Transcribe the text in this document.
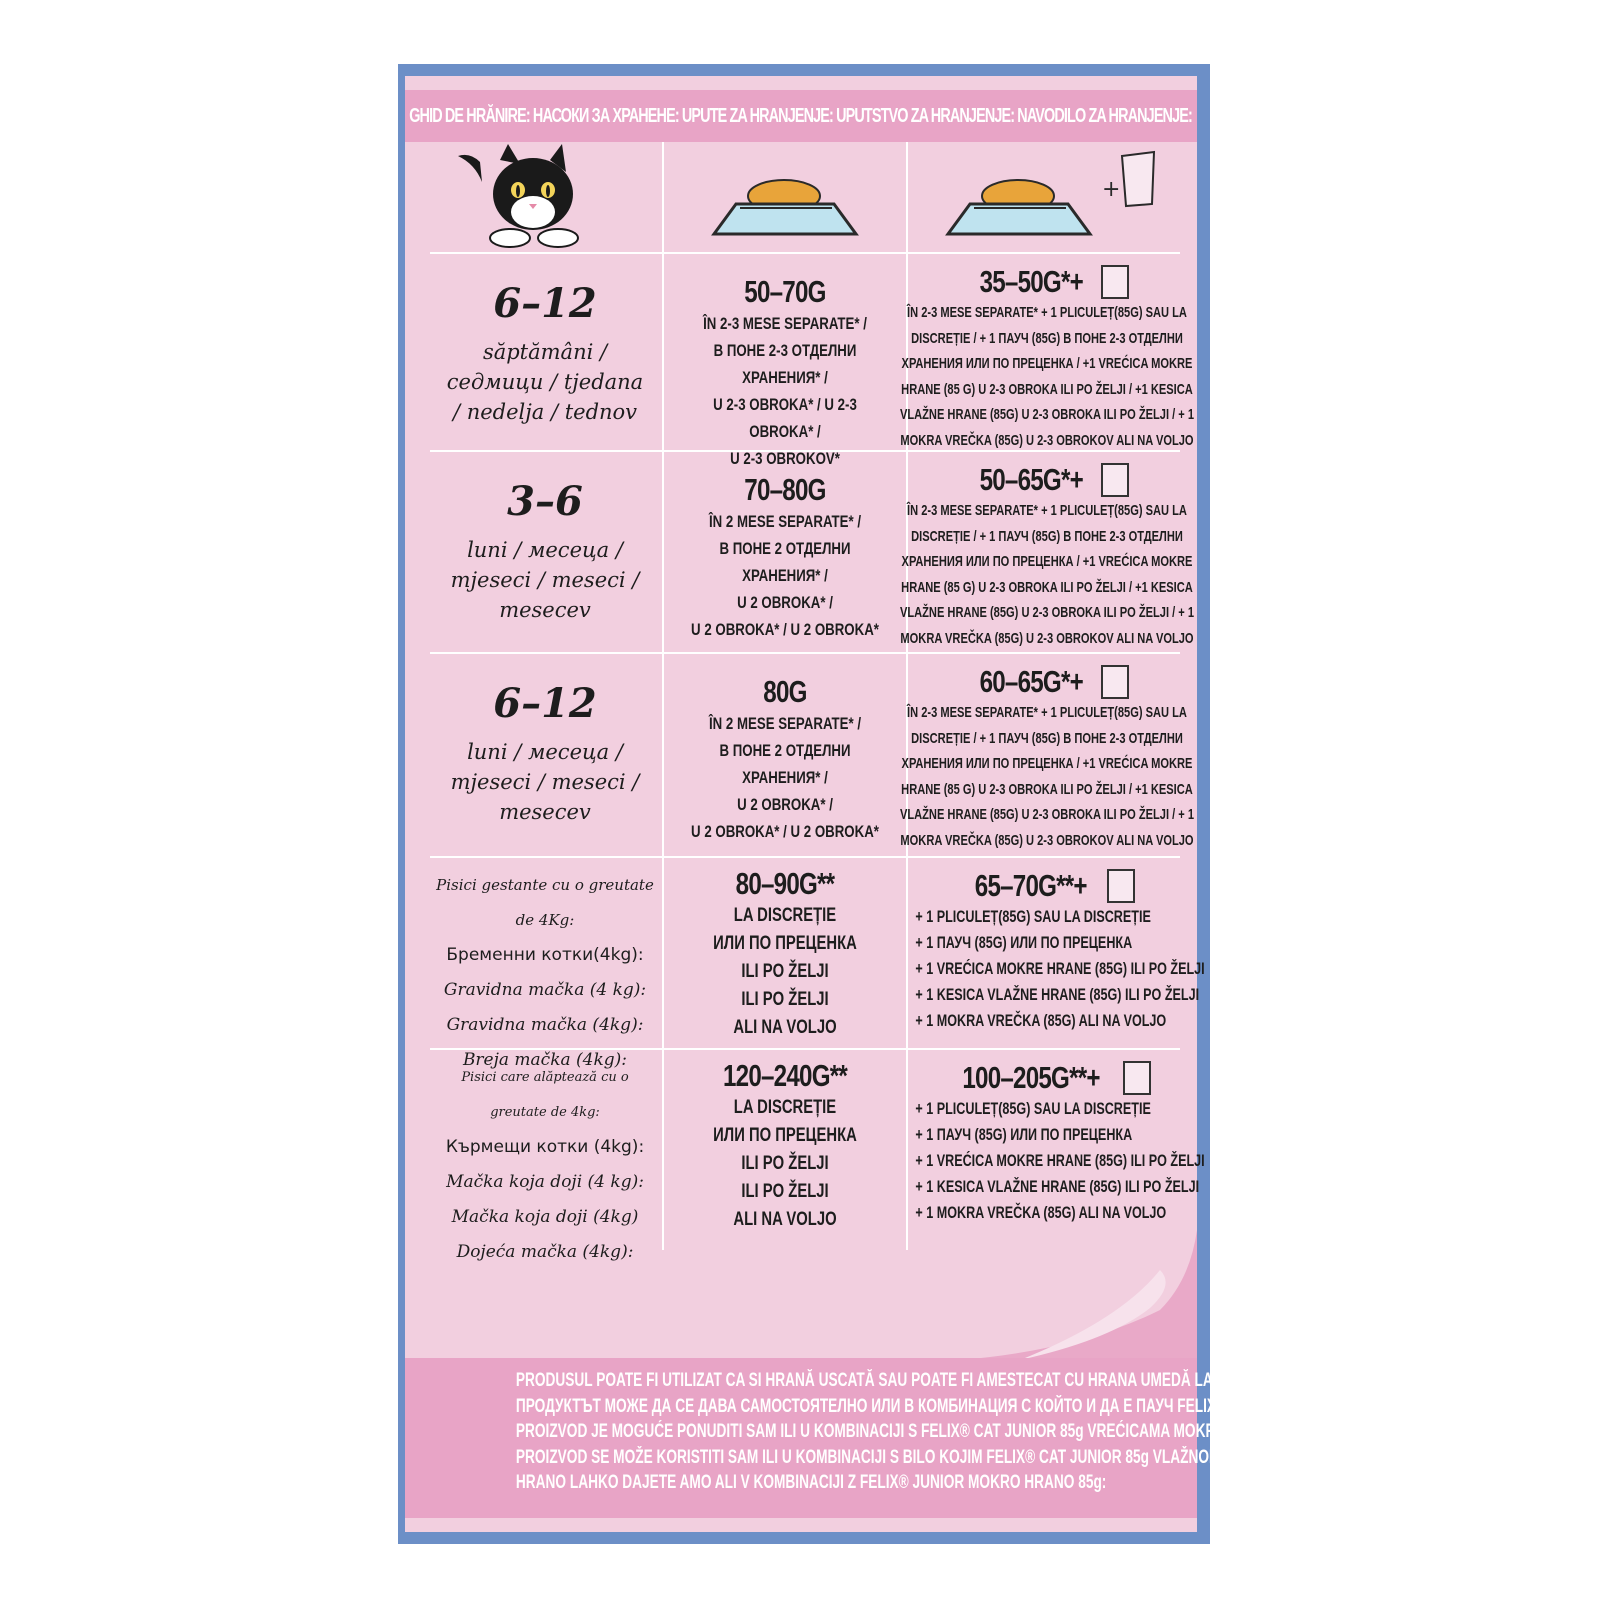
GHID DE HRĂNIRE: НАСОКИ ЗА ХРАНЕНЕ: UPUTE ZA HRANJENJE: UPUTSTVO ZA HRANJENJE: NAVODILO ZA HRANJENJE:
+
6–12
săptămâni / седмици / tjedana / nedelja / tednov
50–70G
ÎN 2-3 MESE SEPARATE* /
В ПОНЕ 2-3 ОТДЕЛНИ ХРАНЕНИЯ* /
U 2-3 OBROKA* / U 2-3 OBROKA* /
U 2-3 OBROKOV*
35–50G*+
ÎN 2-3 MESE SEPARATE* + 1 PLICULEȚ(85G) SAU LA
DISCREȚIE / + 1 ПАУЧ (85G) В ПОНЕ 2-3 ОТДЕЛНИ
ХРАНЕНИЯ ИЛИ ПО ПРЕЦЕНКА / +1 VREĆICA MOKRE
HRANE (85 G) U 2-3 OBROKA ILI PO ŽELJI / +1 KESICA
VLAŽNE HRANE (85G) U 2-3 OBROKA ILI PO ŽELJI / + 1
MOKRA VREČKA (85G) U 2-3 OBROKOV ALI NA VOLJO
3–6
luni / месеца / mjeseci / meseci / mesecev
70–80G
ÎN 2 MESE SEPARATE* /
В ПОНЕ 2 ОТДЕЛНИ ХРАНЕНИЯ* /
U 2 OBROKA* /
U 2 OBROKA* / U 2 OBROKA*
50–65G*+
ÎN 2-3 MESE SEPARATE* + 1 PLICULEȚ(85G) SAU LA
DISCREȚIE / + 1 ПАУЧ (85G) В ПОНЕ 2-3 ОТДЕЛНИ
ХРАНЕНИЯ ИЛИ ПО ПРЕЦЕНКА / +1 VREĆICA MOKRE
HRANE (85 G) U 2-3 OBROKA ILI PO ŽELJI / +1 KESICA
VLAŽNE HRANE (85G) U 2-3 OBROKA ILI PO ŽELJI / + 1
MOKRA VREČKA (85G) U 2-3 OBROKOV ALI NA VOLJO
6–12
luni / месеца / mjeseci / meseci / mesecev
80G
ÎN 2 MESE SEPARATE* /
В ПОНЕ 2 ОТДЕЛНИ ХРАНЕНИЯ* /
U 2 OBROKA* /
U 2 OBROKA* / U 2 OBROKA*
60–65G*+
ÎN 2-3 MESE SEPARATE* + 1 PLICULEȚ(85G) SAU LA
DISCREȚIE / + 1 ПАУЧ (85G) В ПОНЕ 2-3 ОТДЕЛНИ
ХРАНЕНИЯ ИЛИ ПО ПРЕЦЕНКА / +1 VREĆICA MOKRE
HRANE (85 G) U 2-3 OBROKA ILI PO ŽELJI / +1 KESICA
VLAŽNE HRANE (85G) U 2-3 OBROKA ILI PO ŽELJI / + 1
MOKRA VREČKA (85G) U 2-3 OBROKOV ALI NA VOLJO
Pisici gestante cu o greutate de 4Kg:
Бременни котки(4kg):
Gravidna mačka (4 kg):
Gravidna mačka (4kg):
Breja mačka (4kg):
80–90G**
LA DISCREȚIE
ИЛИ ПО ПРЕЦЕНКА
ILI PO ŽELJI
ILI PO ŽELJI
ALI NA VOLJO
65–70G**+
+ 1 PLICULEȚ(85G) SAU LA DISCREȚIE
+ 1 ПАУЧ (85G) ИЛИ ПО ПРЕЦЕНКА
+ 1 VREĆICA MOKRE HRANE (85G) ILI PO ŽELJI
+ 1 KESICA VLAŽNE HRANE (85G) ILI PO ŽELJI
+ 1 MOKRA VREČKA (85G) ALI NA VOLJO
Pisici care alăptează cu o greutate de 4kg:
Кърмещи котки (4kg):
Mačka koja doji (4 kg):
Mačka koja doji (4kg)
Dojeća mačka (4kg):
120–240G**
LA DISCREȚIE
ИЛИ ПО ПРЕЦЕНКА
ILI PO ŽELJI
ILI PO ŽELJI
ALI NA VOLJO
100–205G**+
+ 1 PLICULEȚ(85G) SAU LA DISCREȚIE
+ 1 ПАУЧ (85G) ИЛИ ПО ПРЕЦЕНКА
+ 1 VREĆICA MOKRE HRANE (85G) ILI PO ŽELJI
+ 1 KESICA VLAŽNE HRANE (85G) ILI PO ŽELJI
+ 1 MOKRA VREČKA (85G) ALI NA VOLJO
PRODUSUL POATE FI UTILIZAT CA SI HRANĂ USCATĂ SAU POATE FI AMESTECAT CU HRANA UMEDĂ LA PLIC FELIX® JUNIOR 85G:
ПРОДУКТЪТ МОЖЕ ДА СЕ ДАВА САМОСТОЯТЕЛНО ИЛИ В КОМБИНАЦИЯ С КОЙТО И ДА Е ПАУЧ FELIX® JUNIOR 85G:
PROIZVOD JE MOGUĆE PONUDITI SAM ILI U KOMBINACIJI S FELIX® CAT JUNIOR 85g VREĆICAMA MOKRE HRANE:
PROIZVOD SE MOŽE KORISTITI SAM ILI U KOMBINACIJI S BILO KOJIM FELIX® CAT JUNIOR 85g VLAŽNOM HRANOM:
HRANO LAHKO DAJETE AMO ALI V KOMBINACIJI Z FELIX® JUNIOR MOKRO HRANO 85g:
